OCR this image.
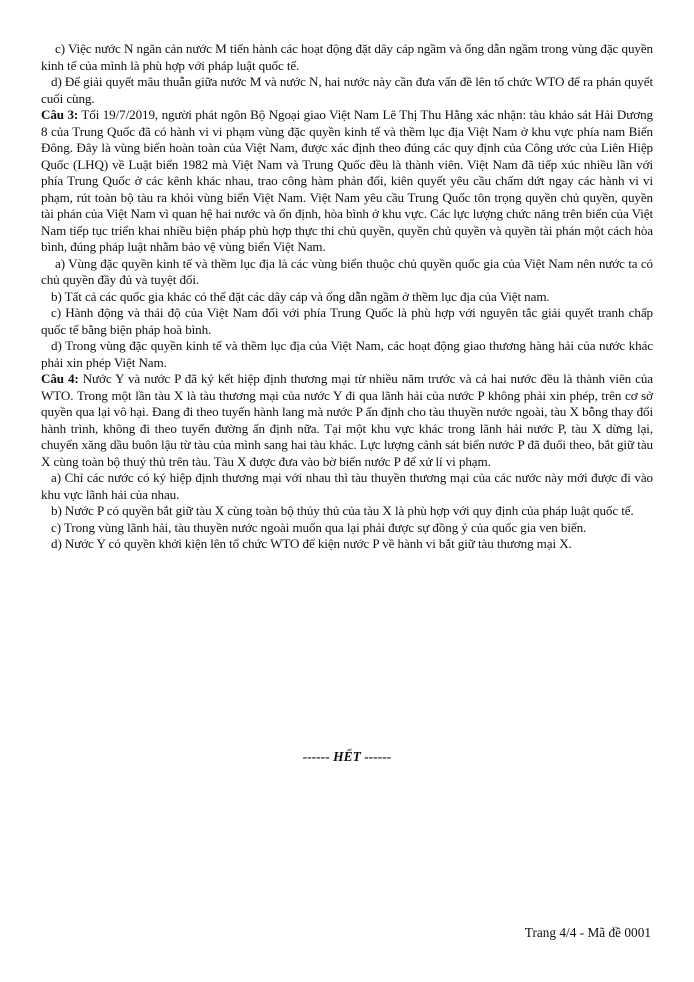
c) Việc nước N ngăn cản nước M tiến hành các hoạt động đặt dây cáp ngầm và ống dẫn ngầm trong vùng đặc quyền kinh tế của mình là phù hợp với pháp luật quốc tế.

d) Để giải quyết mâu thuẫn giữa nước M và nước N, hai nước này cần đưa vấn đề lên tổ chức WTO để ra phán quyết cuối cùng.

Câu 3: Tối 19/7/2019, người phát ngôn Bộ Ngoại giao Việt Nam Lê Thị Thu Hằng xác nhận: tàu khảo sát Hải Dương 8 của Trung Quốc đã có hành vi vi phạm vùng đặc quyền kinh tế và thềm lục địa Việt Nam ở khu vực phía nam Biển Đông. Đây là vùng biển hoàn toàn của Việt Nam, được xác định theo đúng các quy định của Công ước của Liên Hiệp Quốc (LHQ) về Luật biển 1982 mà Việt Nam và Trung Quốc đều là thành viên. Việt Nam đã tiếp xúc nhiều lần với phía Trung Quốc ở các kênh khác nhau, trao công hàm phản đối, kiên quyết yêu cầu chấm dứt ngay các hành vi vi phạm, rút toàn bộ tàu ra khỏi vùng biển Việt Nam. Việt Nam yêu cầu Trung Quốc tôn trọng quyền chủ quyền, quyền tài phán của Việt Nam vì quan hệ hai nước và ổn định, hòa bình ở khu vực. Các lực lượng chức năng trên biển của Việt Nam tiếp tục triển khai nhiều biện pháp phù hợp thực thi chủ quyền, quyền chủ quyền và quyền tài phán một cách hòa bình, đúng pháp luật nhằm bảo vệ vùng biển Việt Nam.

a) Vùng đặc quyền kinh tế và thềm lục địa là các vùng biển thuộc chủ quyền quốc gia của Việt Nam nên nước ta có chủ quyền đầy đủ và tuyệt đối.

b) Tất cả các quốc gia khác có thể đặt các dây cáp và ống dẫn ngầm ở thềm lục địa của Việt nam.

c) Hành động và thái độ của Việt Nam đối với phía Trung Quốc là phù hợp với nguyên tắc giải quyết tranh chấp quốc tế bằng biện pháp hoà bình.

d) Trong vùng đặc quyền kinh tế và thềm lục địa của Việt Nam, các hoạt động giao thương hàng hải của nước khác phải xin phép Việt Nam.

Câu 4: Nước Y và nước P đã ký kết hiệp định thương mại từ nhiều năm trước và cả hai nước đều là thành viên của WTO. Trong một lần tàu X là tàu thương mại của nước Y đi qua lãnh hải của nước P không phải xin phép, trên cơ sở quyền qua lại vô hại. Đang đi theo tuyến hành lang mà nước P ấn định cho tàu thuyền nước ngoài, tàu X bỗng thay đổi hành trình, không đi theo tuyến đường ấn định nữa. Tại một khu vực khác trong lãnh hải nước P, tàu X dừng lại, chuyển xăng dầu buôn lậu từ tàu của mình sang hai tàu khác. Lực lượng cảnh sát biển nước P đã đuổi theo, bắt giữ tàu X cùng toàn bộ thuỷ thủ trên tàu. Tàu X được đưa vào bờ biển nước P để xử lí vi phạm.

a) Chỉ các nước có ký hiệp định thương mại với nhau thì tàu thuyền thương mại của các nước này mới được đi vào khu vực lãnh hải của nhau.

b) Nước P có quyền bắt giữ tàu X cùng toàn bộ thủy thủ của tàu X là phù hợp với quy định của pháp luật quốc tế.

c) Trong vùng lãnh hải, tàu thuyền nước ngoài muốn qua lại phải được sự đồng ý của quốc gia ven biển.

d) Nước Y có quyền khởi kiện lên tổ chức WTO để kiện nước P về hành vi bắt giữ tàu thương mại X.

------ HẾT ------
Trang 4/4 - Mã đề 0001
